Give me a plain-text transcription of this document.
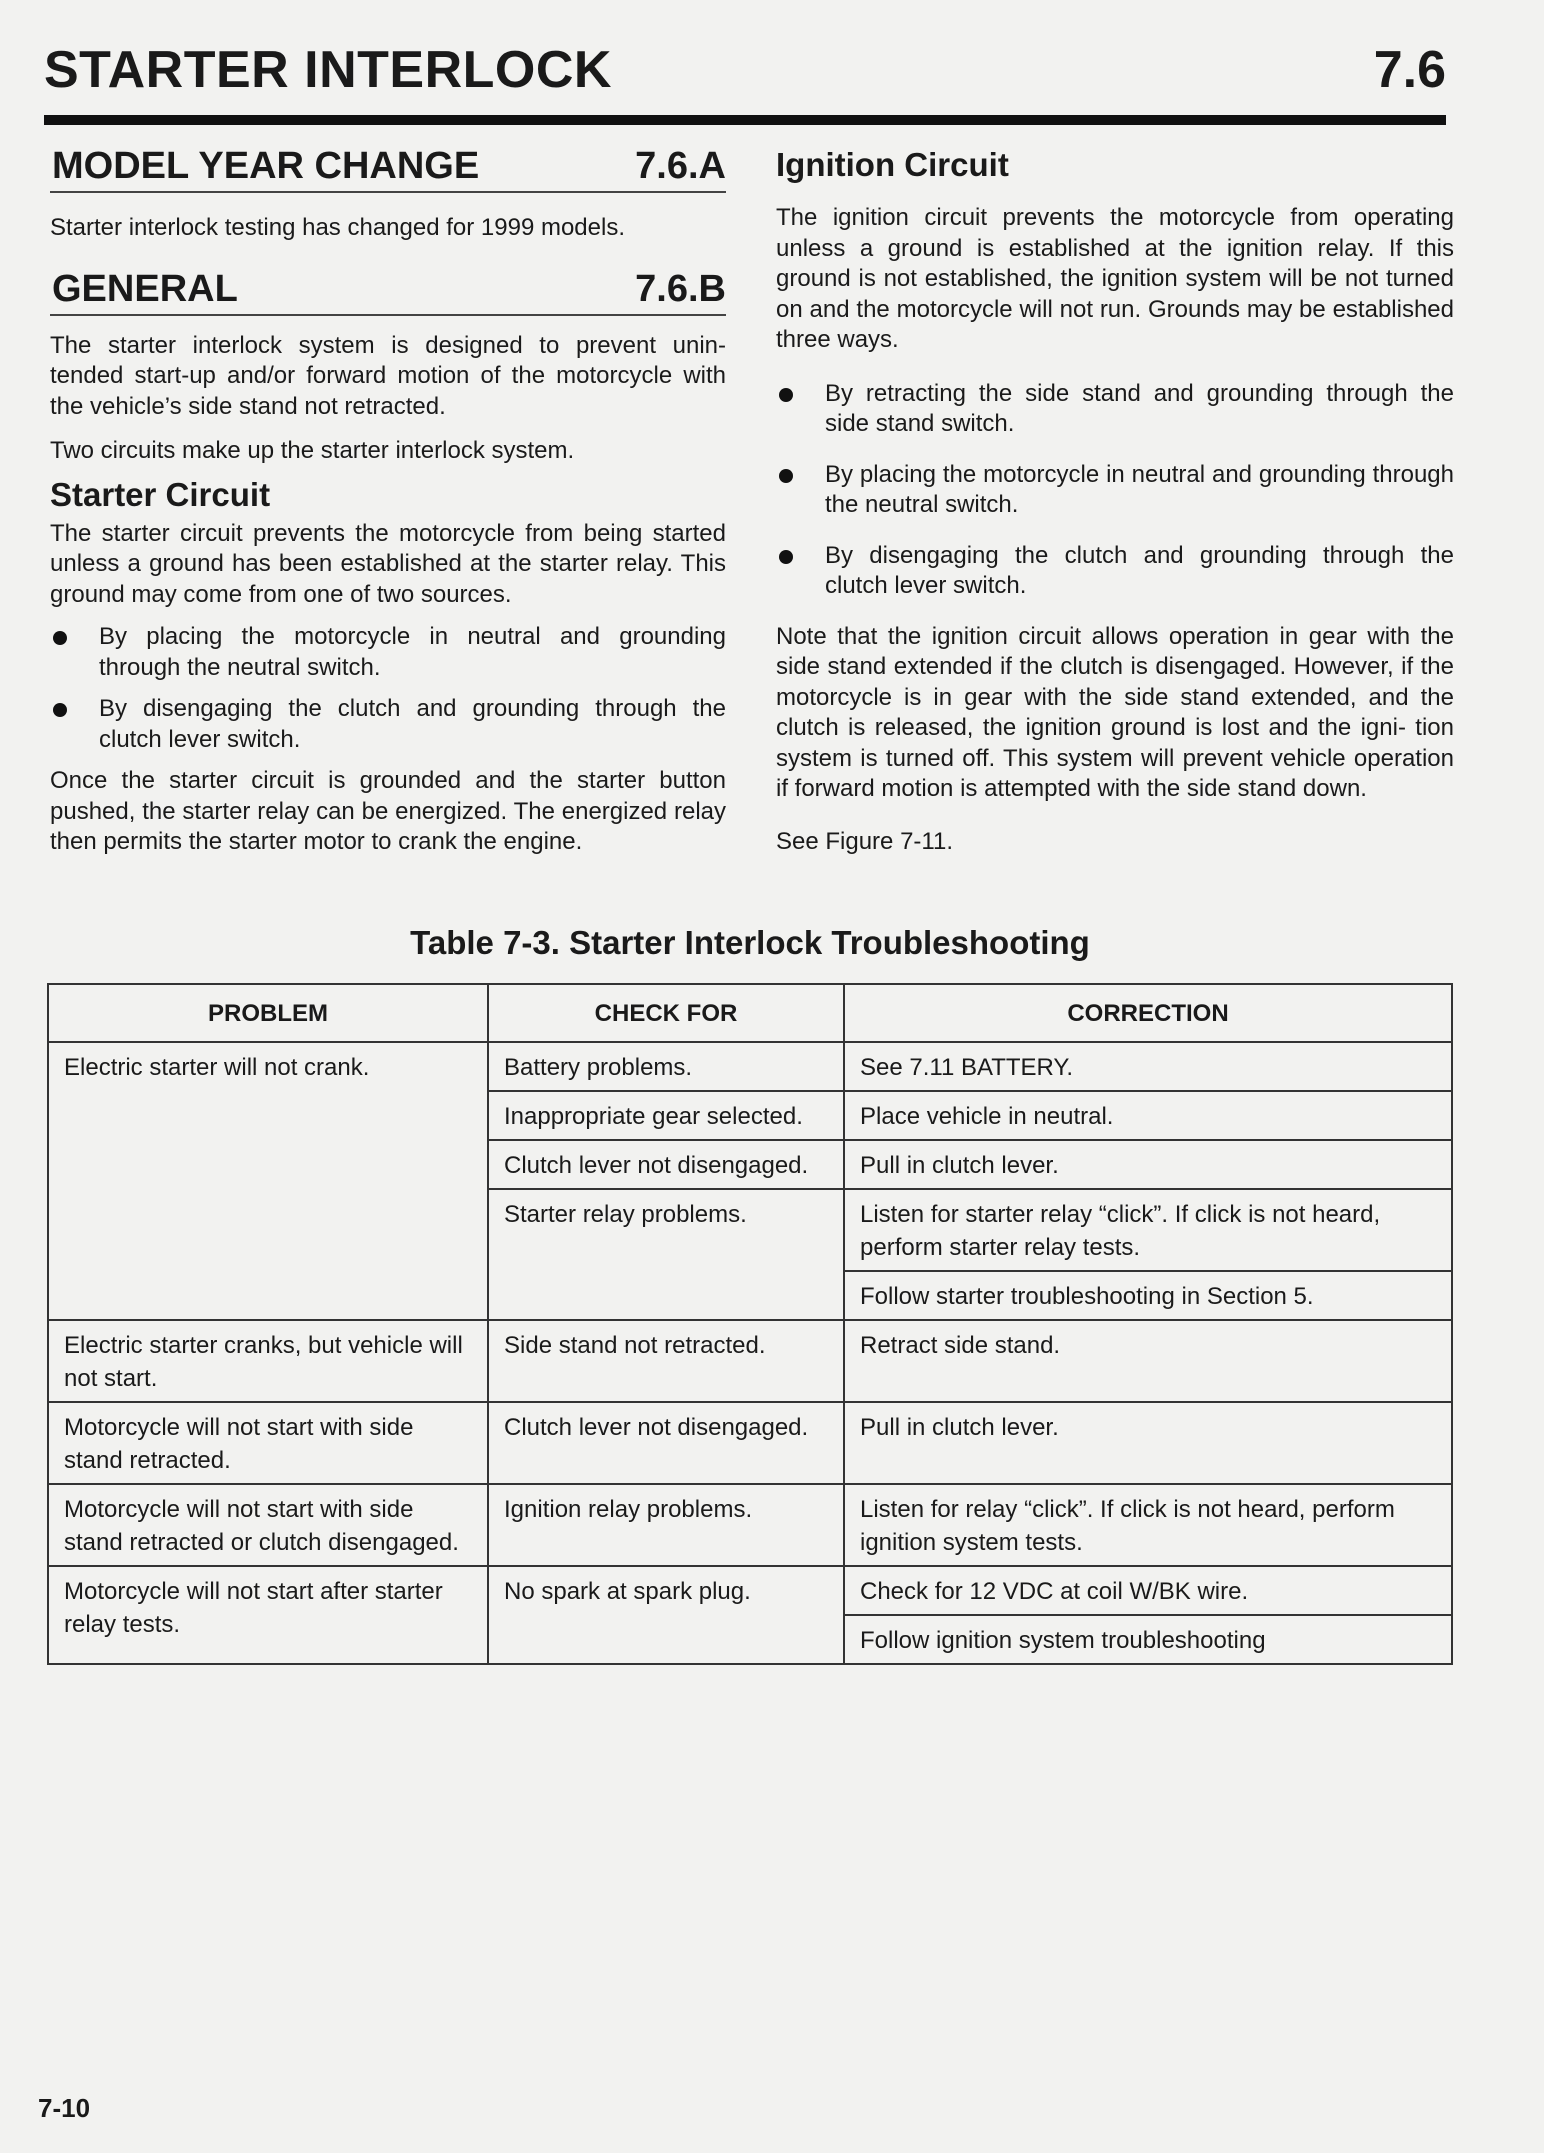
STARTER INTERLOCK	7.6
MODEL YEAR CHANGE	7.6.A

Starter interlock testing has changed for 1999 models.

GENERAL	7.6.B

The starter interlock system is designed to prevent unin- tended start-up and/or forward motion of the motorcycle with the vehicle’s side stand not retracted.

Two circuits make up the starter interlock system.

Starter Circuit

The starter circuit prevents the motorcycle from being started unless a ground has been established at the starter relay. This ground may come from one of two sources.

By placing the motorcycle in neutral and grounding through the neutral switch.
By disengaging the clutch and grounding through the clutch lever switch.

Once the starter circuit is grounded and the starter button pushed, the starter relay can be energized. The energized relay then permits the starter motor to crank the engine.

Ignition Circuit

The ignition circuit prevents the motorcycle from operating unless a ground is established at the ignition relay. If this ground is not established, the ignition system will be not turned on and the motorcycle will not run. Grounds may be established three ways.

By retracting the side stand and grounding through the side stand switch.
By placing the motorcycle in neutral and grounding through the neutral switch.
By disengaging the clutch and grounding through the clutch lever switch.

Note that the ignition circuit allows operation in gear with the side stand extended if the clutch is disengaged. However, if the motorcycle is in gear with the side stand extended, and the clutch is released, the ignition ground is lost and the igni- tion system is turned off. This system will prevent vehicle operation if forward motion is attempted with the side stand down.

See Figure 7-11.

Table 7-3. Starter Interlock Troubleshooting
PROBLEM	CHECK FOR	CORRECTION
Electric starter will not crank.	Battery problems.	See 7.11 BATTERY.
	Inappropriate gear selected.	Place vehicle in neutral.
	Clutch lever not disengaged.	Pull in clutch lever.
	Starter relay problems.	Listen for starter relay “click”. If click is not heard, perform starter relay tests.
		Follow starter troubleshooting in Section 5.
Electric starter cranks, but vehicle will not start.	Side stand not retracted.	Retract side stand.
Motorcycle will not start with side stand retracted.	Clutch lever not disengaged.	Pull in clutch lever.
Motorcycle will not start with side stand retracted or clutch disengaged.	Ignition relay problems.	Listen for relay “click”. If click is not heard, perform ignition system tests.
Motorcycle will not start after starter relay tests.	No spark at spark plug.	Check for 12 VDC at coil W/BK wire.
		Follow ignition system troubleshooting
7-10
